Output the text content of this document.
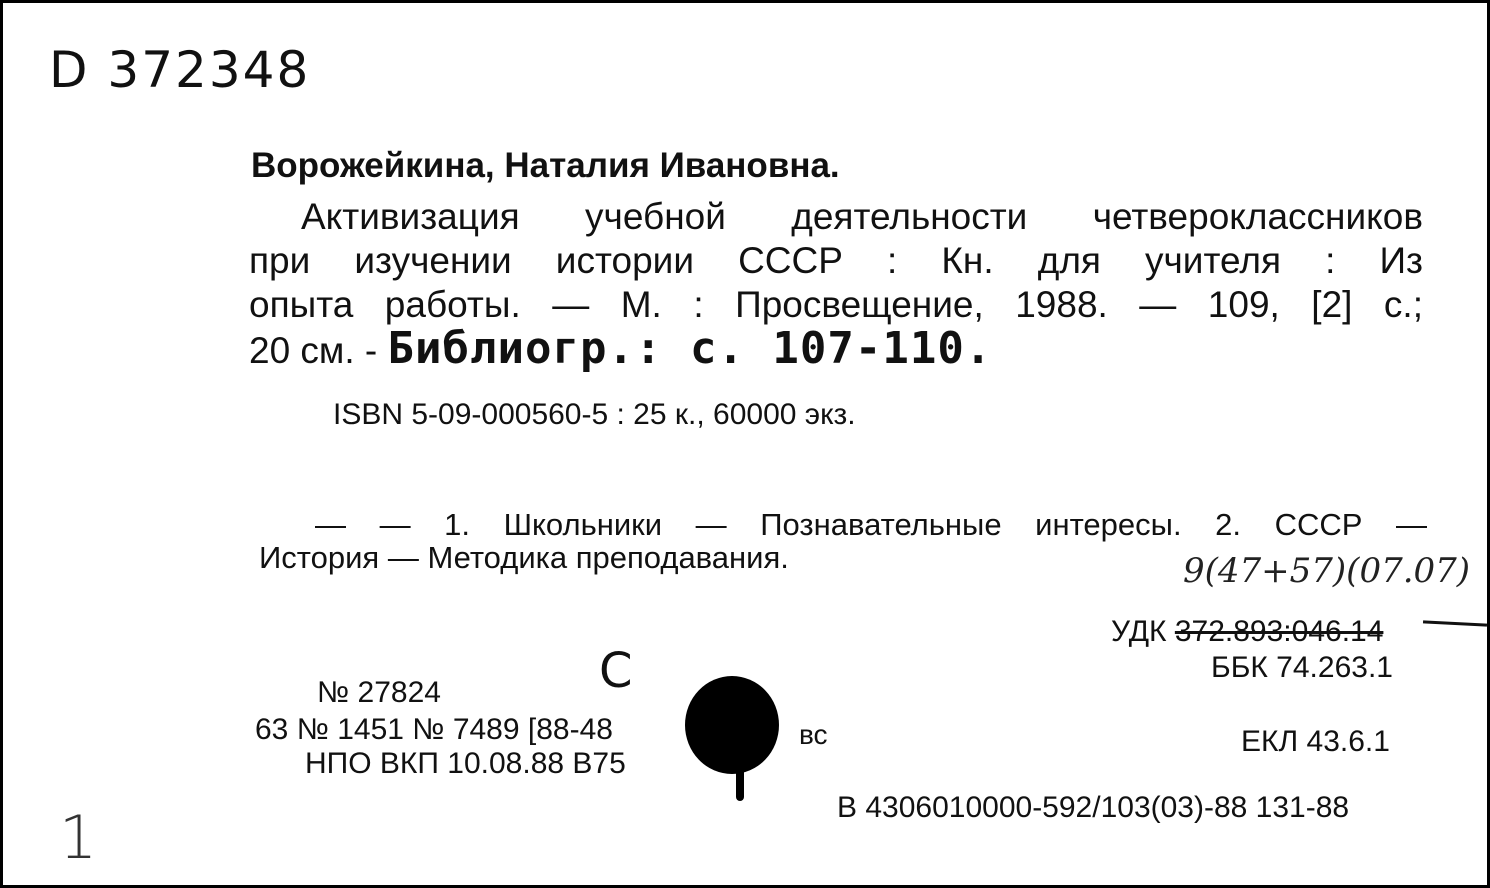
D 372348
Ворожейкина, Наталия Ивановна.
Активизация учебной деятельности четвероклассников
при изучении истории СССР : Кн. для учителя : Из
опыта работы. — М. : Просвещение, 1988. — 109, [2] с.;
20 см. - Библиогр.: с. 107-110.
ISBN 5-09-000560-5 : 25 к., 60000 экз.
— — 1. Школьники — Познавательные интересы. 2. СССР —
История — Методика преподавания.	9(47+57)(07.07)
УДК 372.893:046.14
ББК 74.263.1
ЕКЛ 43.6.1
С
№ 27824
63 № 1451 № 7489 [88-48	вс
НПО ВКП 10.08.88 В75
В 4306010000-592/103(03)-88 131-88
1
